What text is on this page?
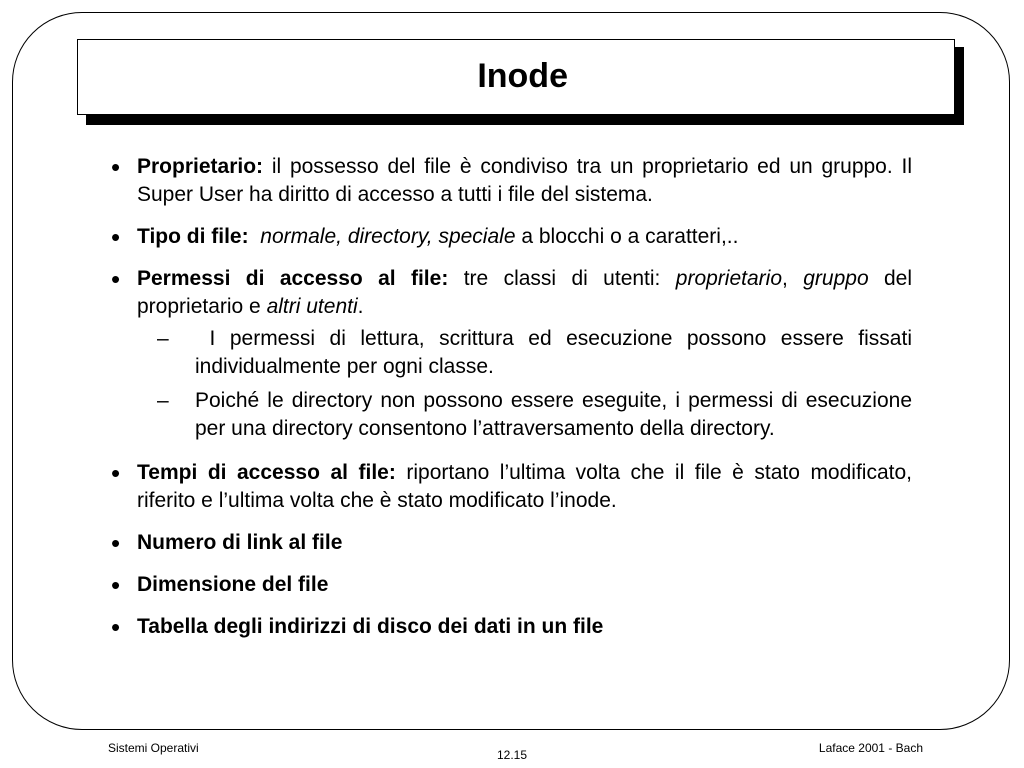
Inode

• Proprietario: il possesso del file è condiviso tra un proprietario ed un gruppo. Il Super User ha diritto di accesso a tutti i file del sistema.

• Tipo di file: normale, directory, speciale a blocchi o a caratteri,..

• Permessi di accesso al file: tre classi di utenti: proprietario, gruppo del proprietario e altri utenti.

– I permessi di lettura, scrittura ed esecuzione possono essere fissati individualmente per ogni classe.

– Poiché le directory non possono essere eseguite, i permessi di esecuzione per una directory consentono l’attraversamento della directory.

• Tempi di accesso al file: riportano l’ultima volta che il file è stato modificato, riferito e l’ultima volta che è stato modificato l’inode.

• Numero di link al file

• Dimensione del file

• Tabella degli indirizzi di disco dei dati in un file

Sistemi Operativi	12.15	Laface 2001 - Bach
